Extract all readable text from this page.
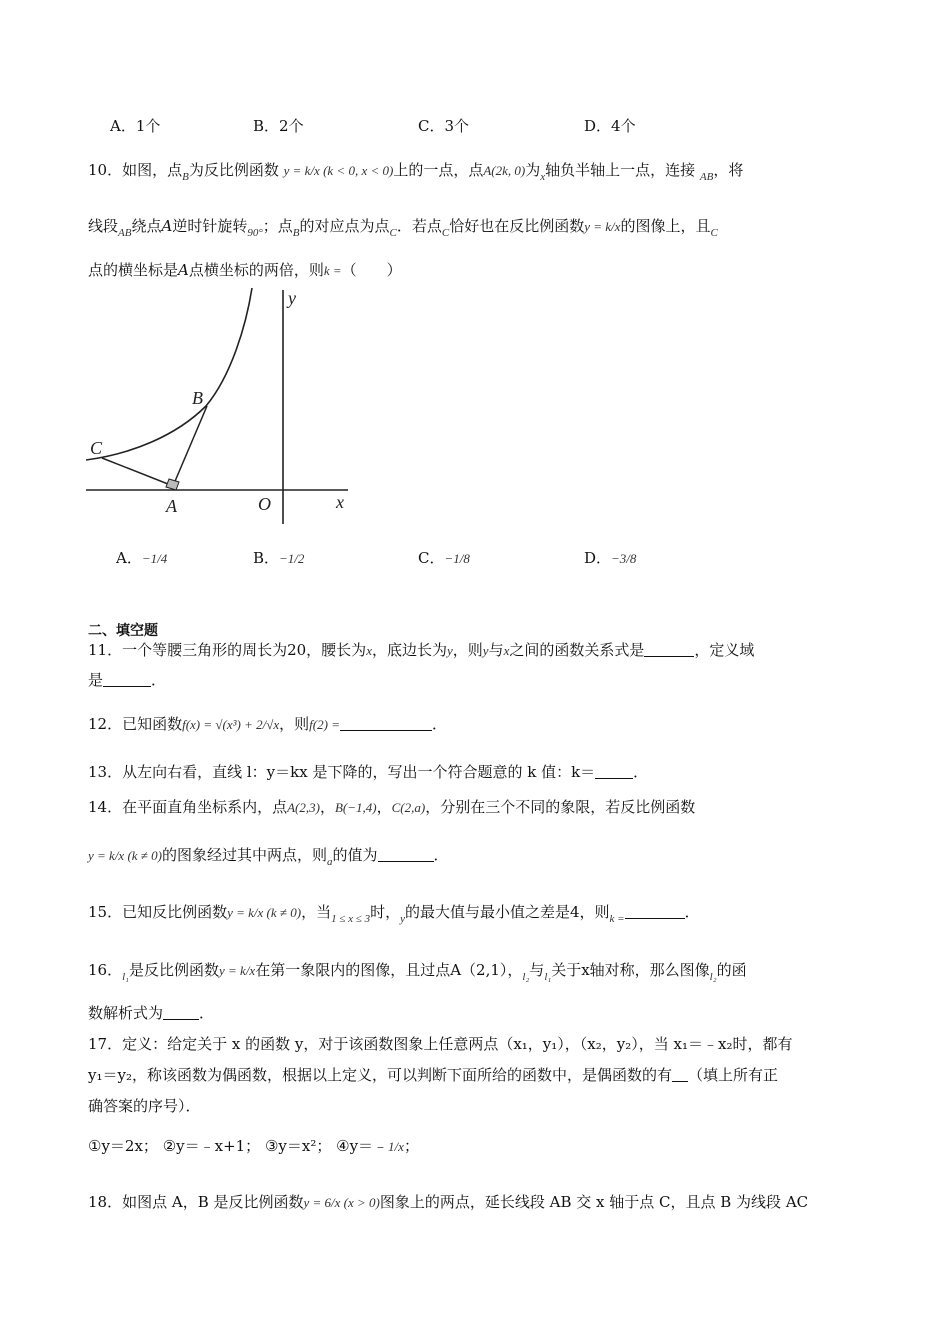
A．1个	B．2个	C．3个	D．4个
10．如图，点$_B$为反比例函数 y = k/x (k < 0, x < 0)上的一点，点A(2k, 0)为$_x$轴负半轴上一点，连接 $_{AB}$，将
线段$_{AB}$绕点A逆时针旋转$_{90^\circ}$；点$_B$的对应点为点$_C$．若点$_C$恰好也在反比例函数y = k/x的图像上，且$_C$
点的横坐标是A点横坐标的两倍，则k =（　　）
y
B
C
A	O	x
A．−1/4	B．−1/2	C．−1/8	D．−3/8
二、填空题
11．一个等腰三角形的周长为20，腰长为x，底边长为y，则y与x之间的函数关系式是	，定义域
是	．
12．已知函数f(x) = √(x³) + 2/√x，则f(2) =	．
13．从左向右看，直线 l：y＝kx 是下降的，写出一个符合题意的 k 值：k＝	．
14．在平面直角坐标系内，点A(2,3)，B(−1,4)，C(2,a)，分别在三个不同的象限，若反比例函数
y = k/x (k ≠ 0)的图象经过其中两点，则$_a$的值为	．
15．已知反比例函数y = k/x (k ≠ 0)，当$_{1 \le x \le 3}$时，$_y$的最大值与最小值之差是4，则$_{k =}$	．
16．$_{l_1}$是反比例函数y = k/x在第一象限内的图像，且过点A（2,1），$_{l_2}$与$_{l_1}$关于x轴对称，那么图像$_{l_2}$的函
数解析式为 ．
17．定义：给定关于 x 的函数 y，对于该函数图象上任意两点（x₁，y₁），（x₂，y₂），当 x₁＝﹣x₂时，都有
y₁＝y₂，称该函数为偶函数，根据以上定义，可以判断下面所给的函数中，是偶函数的有 （填上所有正
确答案的序号）．
①y＝2x； ②y＝﹣x+1； ③y＝x²； ④y＝﹣1/x；
18．如图点 A，B 是反比例函数y = 6/x (x > 0)图象上的两点，延长线段 AB 交 x 轴于点 C，且点 B 为线段 AC
